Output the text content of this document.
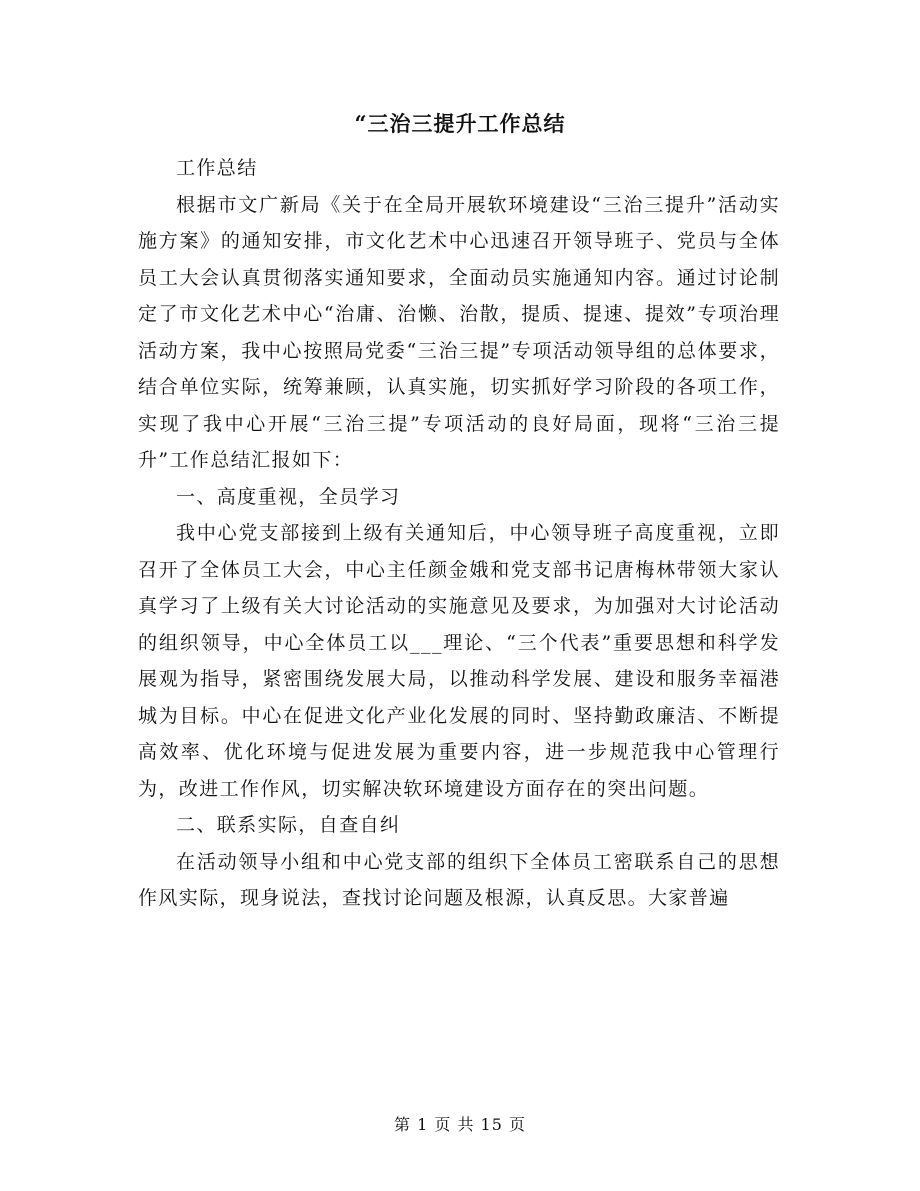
“三治三提升工作总结

工作总结

根据市文广新局《关于在全局开展软环境建设“三治三提升”活动实施方案》的通知安排，市文化艺术中心迅速召开领导班子、党员与全体员工大会认真贯彻落实通知要求，全面动员实施通知内容。通过讨论制定了市文化艺术中心“治庸、治懒、治散，提质、提速、提效”专项治理活动方案，我中心按照局党委“三治三提”专项活动领导组的总体要求，结合单位实际，统筹兼顾，认真实施，切实抓好学习阶段的各项工作，实现了我中心开展“三治三提”专项活动的良好局面，现将“三治三提升”工作总结汇报如下：

一、高度重视，全员学习

我中心党支部接到上级有关通知后，中心领导班子高度重视，立即召开了全体员工大会，中心主任颜金娥和党支部书记唐梅林带领大家认真学习了上级有关大讨论活动的实施意见及要求，为加强对大讨论活动的组织领导，中心全体员工以___理论、“三个代表”重要思想和科学发展观为指导，紧密围绕发展大局，以推动科学发展、建设和服务幸福港城为目标。中心在促进文化产业化发展的同时、坚持勤政廉洁、不断提高效率、优化环境与促进发展为重要内容，进一步规范我中心管理行为，改进工作作风，切实解决软环境建设方面存在的突出问题。

二、联系实际，自查自纠

在活动领导小组和中心党支部的组织下全体员工密联系自己的思想作风实际，现身说法，查找讨论问题及根源，认真反思。大家普遍

第 1 页 共 15 页
